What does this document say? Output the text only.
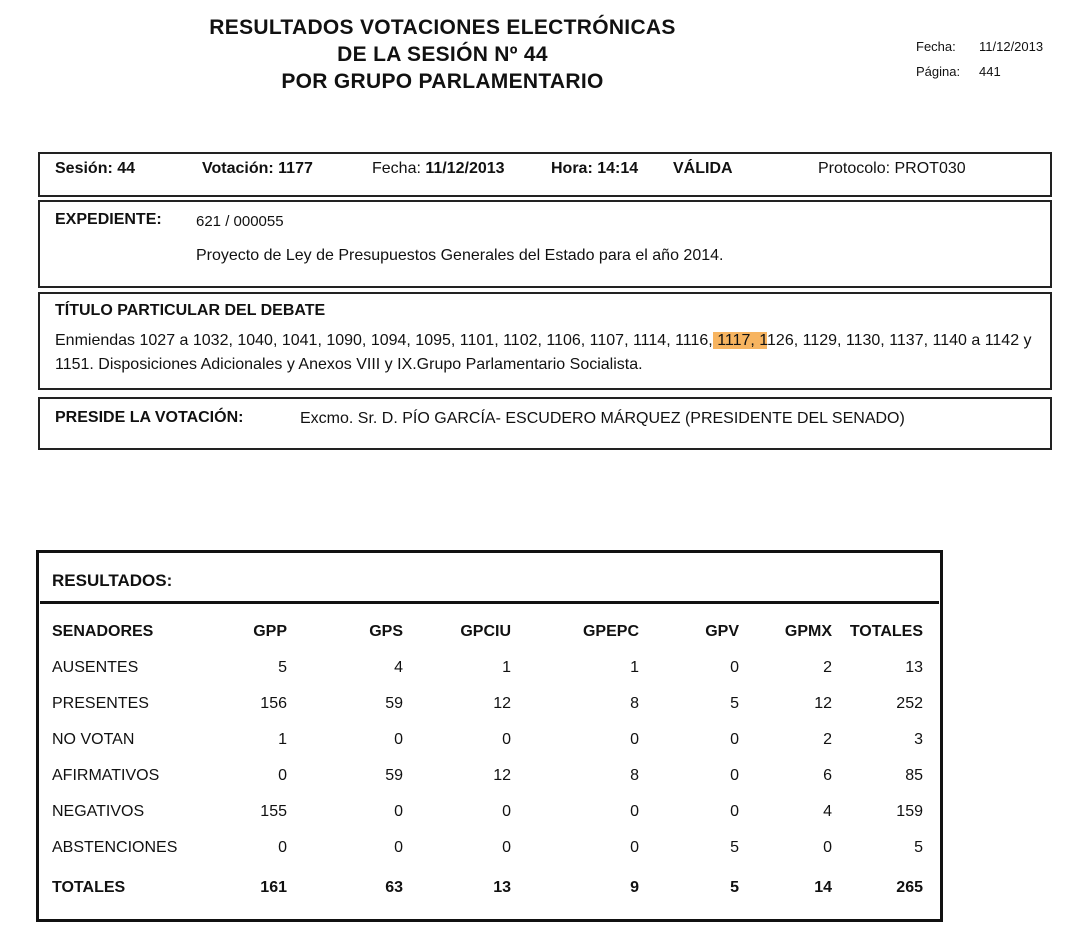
RESULTADOS VOTACIONES ELECTRÓNICAS
DE LA SESIÓN Nº 44
POR GRUPO PARLAMENTARIO
Fecha: 11/12/2013
Página: 441
Sesión: 44	Votación: 1177	Fecha: 11/12/2013	Hora: 14:14 VÁLIDA	Protocolo: PROT030
EXPEDIENTE: 621 / 000055
Proyecto de Ley de Presupuestos Generales del Estado para el año 2014.
TÍTULO PARTICULAR DEL DEBATE
Enmiendas 1027 a 1032, 1040, 1041, 1090, 1094, 1095, 1101, 1102, 1106, 1107, 1114, 1116, 1117, 1126, 1129, 1130, 1137, 1140 a 1142 y 1151. Disposiciones Adicionales y Anexos VIII y IX.Grupo Parlamentario Socialista.
PRESIDE LA VOTACIÓN:	Excmo. Sr. D. PÍO GARCÍA- ESCUDERO MÁRQUEZ (PRESIDENTE DEL SENADO)
RESULTADOS:
SENADORES	GPP	GPS	GPCIU	GPEPC	GPV	GPMX	TOTALES
AUSENTES	5	4	1	1	0	2	13
PRESENTES	156	59	12	8	5	12	252
NO VOTAN	1	0	0	0	0	2	3
AFIRMATIVOS	0	59	12	8	0	6	85
NEGATIVOS	155	0	0	0	0	4	159
ABSTENCIONES	0	0	0	0	5	0	5
TOTALES	161	63	13	9	5	14	265
